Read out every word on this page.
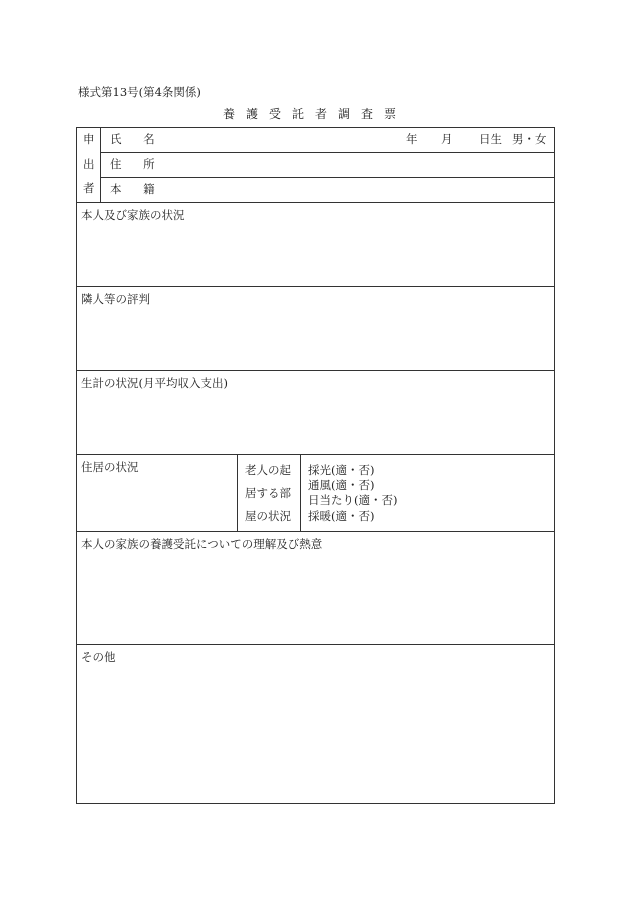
様式第13号(第4条関係)
養護受託者調査票
申
出
者
氏 名	年 月 日生 男・女
住 所
本 籍
本人及び家族の状況
隣人等の評判
生計の状況(月平均収入支出)
住居の状況	老人の起
居する部
屋の状況
採光(適・否)
通風(適・否)
日当たり(適・否)
採暖(適・否)
本人の家族の養護受託についての理解及び熱意
その他
